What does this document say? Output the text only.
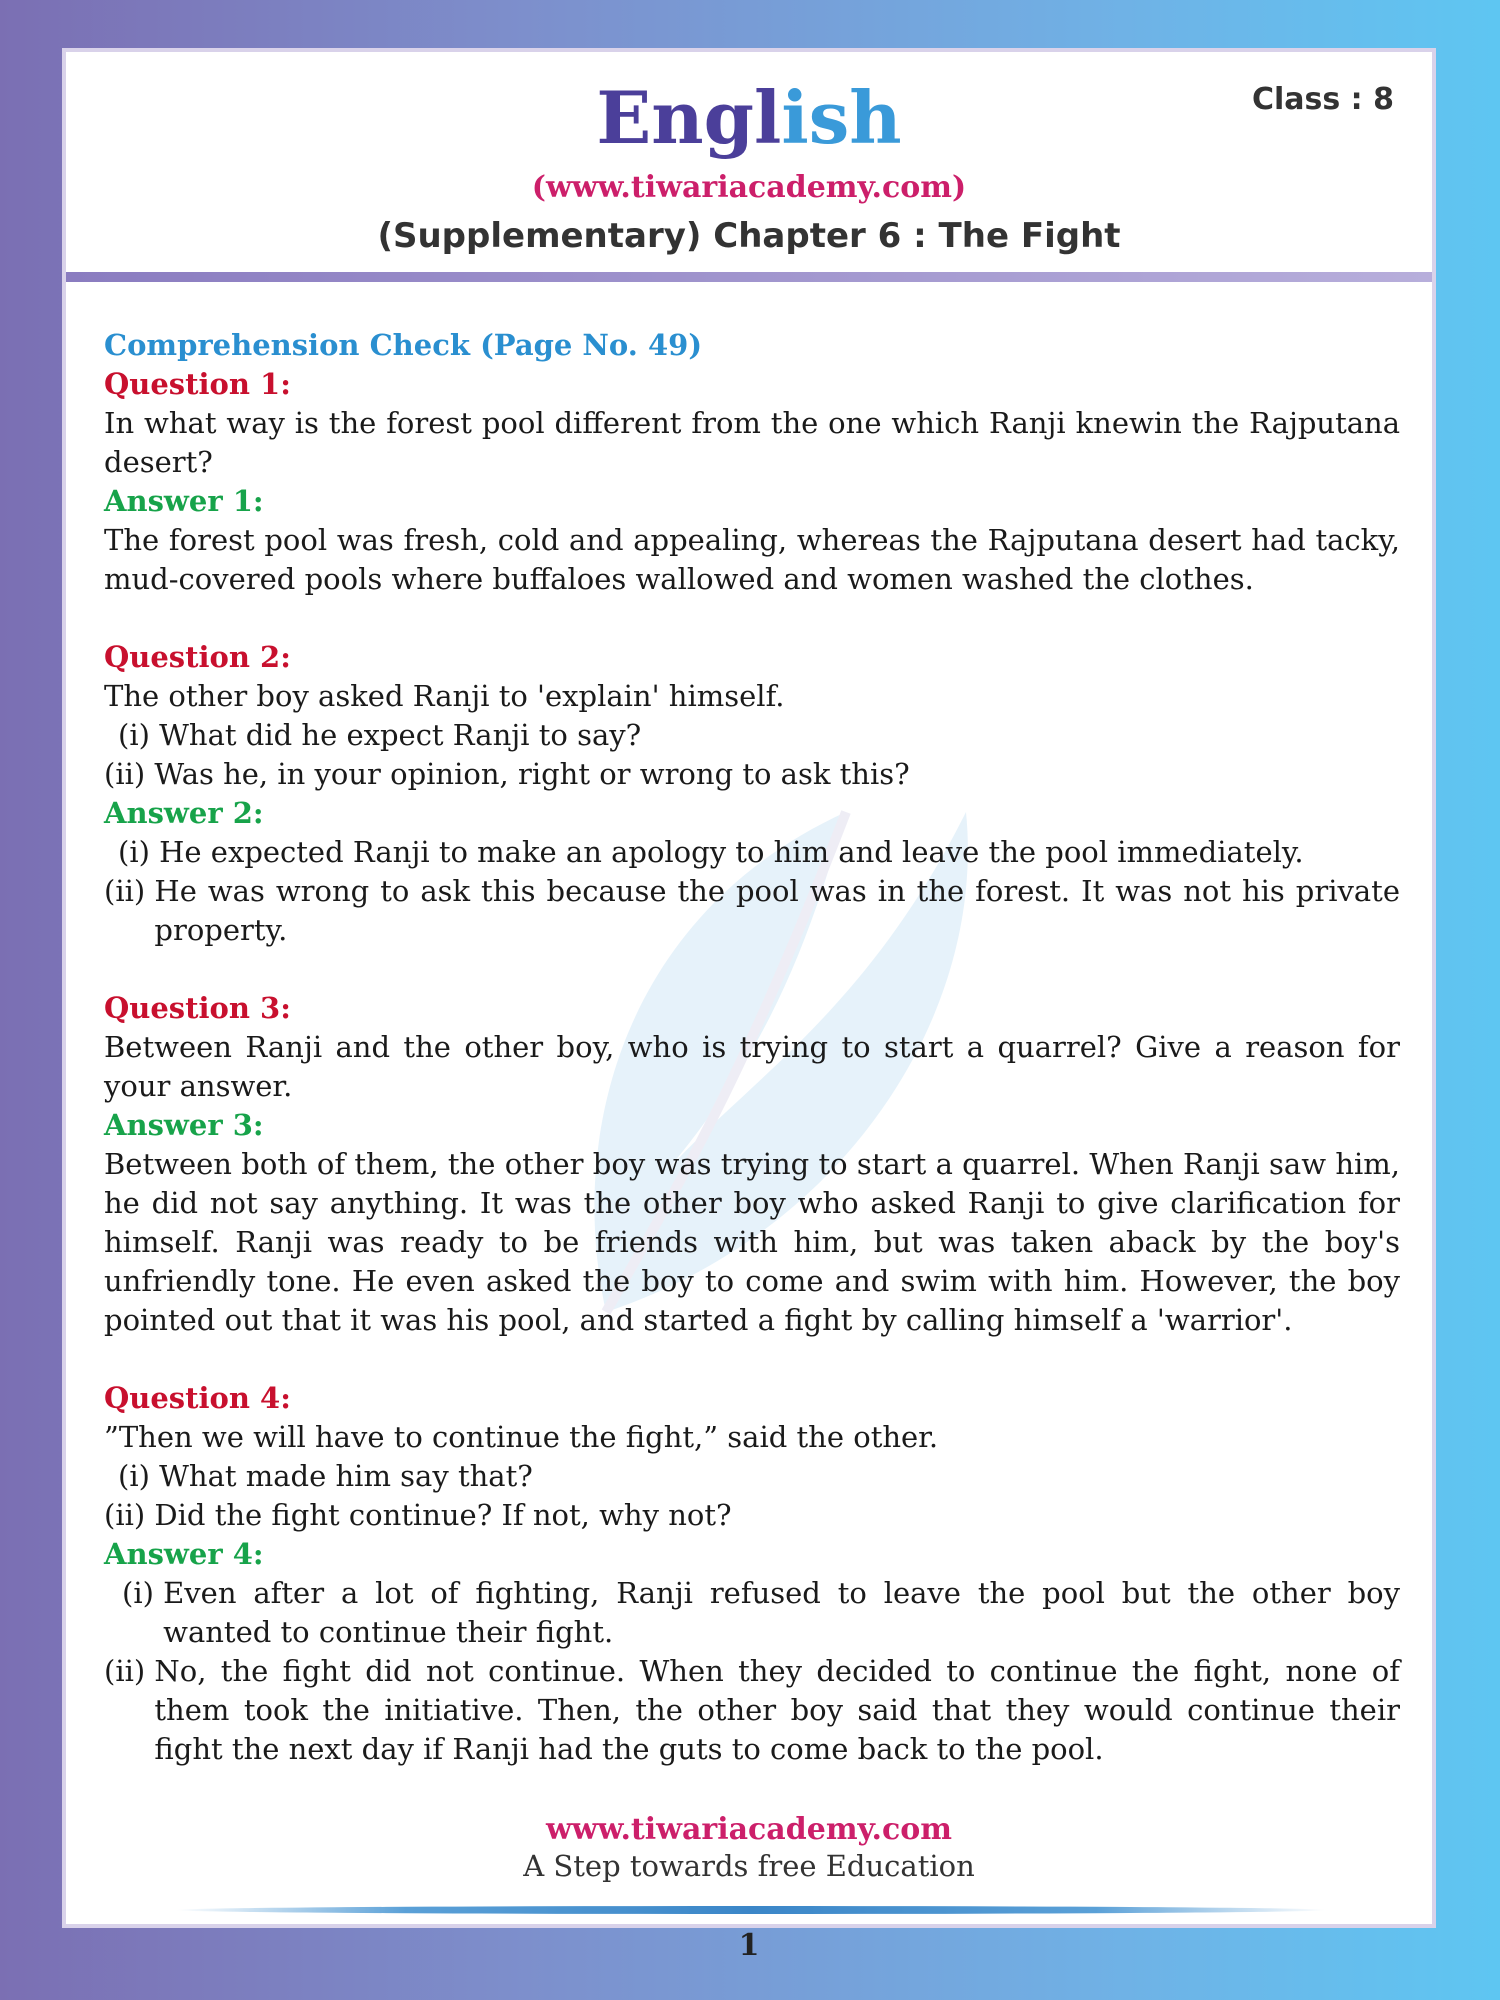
English	Class : 8
(www.tiwariacademy.com)
(Supplementary) Chapter 6 : The Fight
Comprehension Check (Page No. 49)
Question 1:
In what way is the forest pool different from the one which Ranji knewin the Rajputana desert?
Answer 1:
The forest pool was fresh, cold and appealing, whereas the Rajputana desert had tacky, mud-covered pools where buffaloes wallowed and women washed the clothes.
Question 2:
The other boy asked Ranji to 'explain' himself.
(i)
What did he expect Ranji to say?
(ii)
Was he, in your opinion, right or wrong to ask this?
Answer 2:
(i)
He expected Ranji to make an apology to him and leave the pool immediately.
(ii)
He was wrong to ask this because the pool was in the forest. It was not his private property.
Question 3:
Between Ranji and the other boy, who is trying to start a quarrel? Give a reason for your answer.
Answer 3:
Between both of them, the other boy was trying to start a quarrel. When Ranji saw him, he did not say anything. It was the other boy who asked Ranji to give clarification for himself. Ranji was ready to be friends with him, but was taken aback by the boy's unfriendly tone. He even asked the boy to come and swim with him. However, the boy pointed out that it was his pool, and started a fight by calling himself a 'warrior'.
Question 4:
”Then we will have to continue the fight,” said the other.
(i)
What made him say that?
(ii)
Did the fight continue? If not, why not?
Answer 4:
(i)
Even after a lot of fighting, Ranji refused to leave the pool but the other boy wanted to continue their fight.
(ii)
No, the fight did not continue. When they decided to continue the fight, none of them took the initiative. Then, the other boy said that they would continue their fight the next day if Ranji had the guts to come back to the pool.
www.tiwariacademy.com
A Step towards free Education
1
